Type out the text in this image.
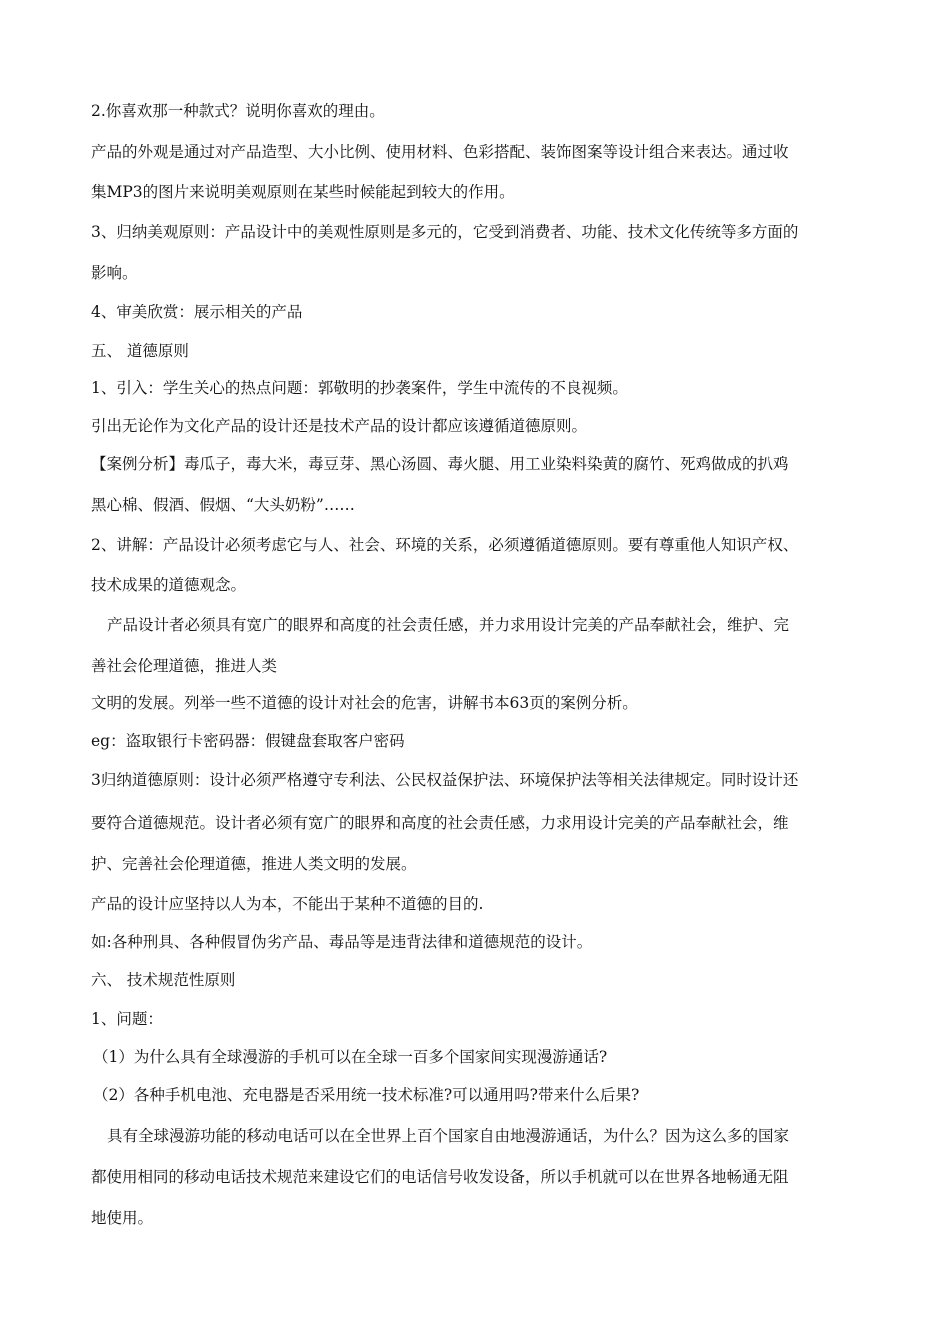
2.你喜欢那一种款式？说明你喜欢的理由。
产品的外观是通过对产品造型、大小比例、使用材料、色彩搭配、装饰图案等设计组合来表达。通过收
集MP3的图片来说明美观原则在某些时候能起到较大的作用。
3、归纳美观原则：产品设计中的美观性原则是多元的，它受到消费者、功能、技术文化传统等多方面的
影响。
4、审美欣赏：展示相关的产品
五、 道德原则
1、引入：学生关心的热点问题：郭敬明的抄袭案件，学生中流传的不良视频。
引出无论作为文化产品的设计还是技术产品的设计都应该遵循道德原则。
【案例分析】毒瓜子，毒大米，毒豆芽、黑心汤圆、毒火腿、用工业染料染黄的腐竹、死鸡做成的扒鸡
黑心棉、假酒、假烟、“大头奶粉”……
2、讲解：产品设计必须考虑它与人、社会、环境的关系，必须遵循道德原则。要有尊重他人知识产权、
技术成果的道德观念。
产品设计者必须具有宽广的眼界和高度的社会责任感，并力求用设计完美的产品奉献社会，维护、完
善社会伦理道德，推进人类
文明的发展。列举一些不道德的设计对社会的危害，讲解书本63页的案例分析。
eg：盗取银行卡密码器：假键盘套取客户密码
3归纳道德原则：设计必须严格遵守专利法、公民权益保护法、环境保护法等相关法律规定。同时设计还
要符合道德规范。设计者必须有宽广的眼界和高度的社会责任感，力求用设计完美的产品奉献社会，维
护、完善社会伦理道德，推进人类文明的发展。
产品的设计应坚持以人为本，不能出于某种不道德的目的.
如:各种刑具、各种假冒伪劣产品、毒品等是违背法律和道德规范的设计。
六、 技术规范性原则
1、问题：
（1）为什么具有全球漫游的手机可以在全球一百多个国家间实现漫游通话?
（2）各种手机电池、充电器是否采用统一技术标准?可以通用吗?带来什么后果?
具有全球漫游功能的移动电话可以在全世界上百个国家自由地漫游通话，为什么？因为这么多的国家
都使用相同的移动电话技术规范来建设它们的电话信号收发设备，所以手机就可以在世界各地畅通无阻
地使用。
